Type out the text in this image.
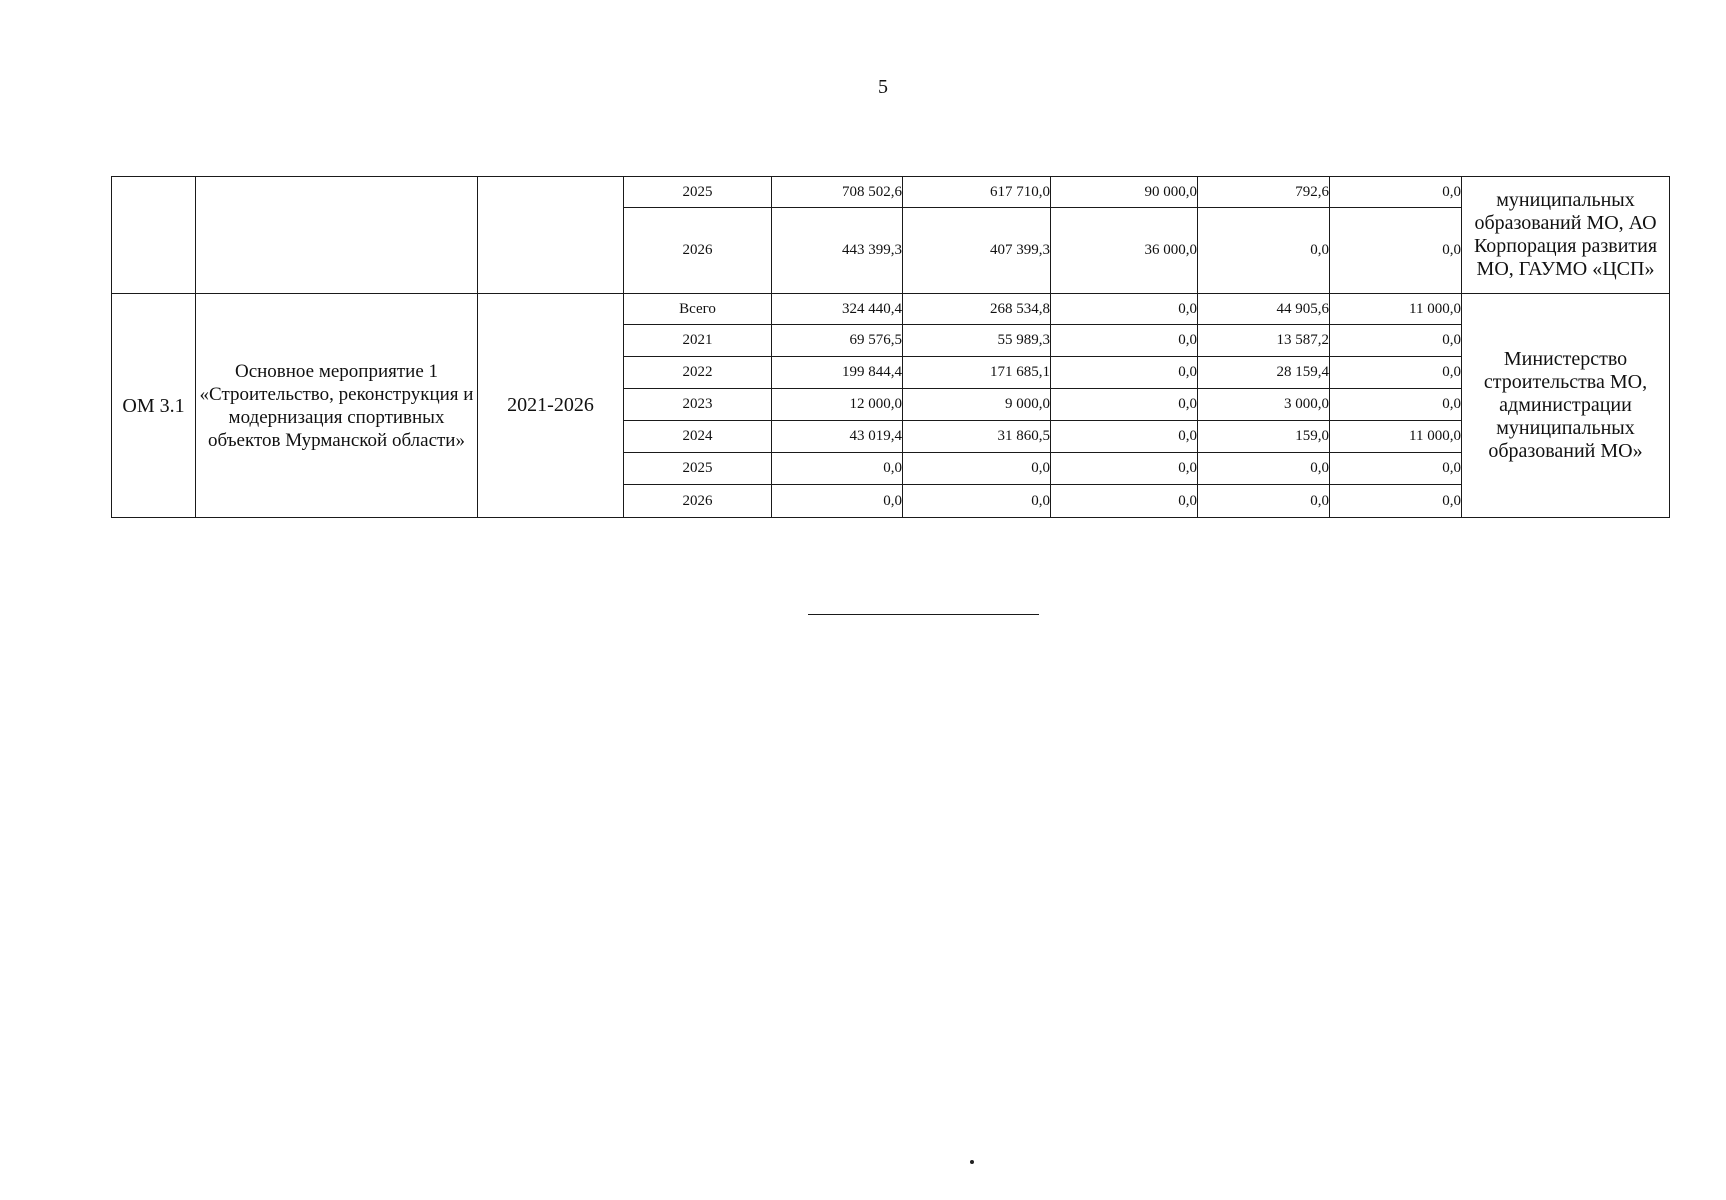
5
			2025	708 502,6	617 710,0	90 000,0	792,6	0,0	муниципальных образований МО, АО Корпорация развития МО, ГАУМО «ЦСП»
			2026	443 399,3	407 399,3	36 000,0	0,0	0,0	
ОМ 3.1	Основное мероприятие 1 «Строительство, реконструкция и модернизация спортивных объектов Мурманской области»	2021-2026	Всего	324 440,4	268 534,8	0,0	44 905,6	11 000,0	Министерство строительства МО, администрации муниципальных образований МО»
			2021	69 576,5	55 989,3	0,0	13 587,2	0,0	
			2022	199 844,4	171 685,1	0,0	28 159,4	0,0	
			2023	12 000,0	9 000,0	0,0	3 000,0	0,0	
			2024	43 019,4	31 860,5	0,0	159,0	11 000,0	
			2025	0,0	0,0	0,0	0,0	0,0	
			2026	0,0	0,0	0,0	0,0	0,0	
